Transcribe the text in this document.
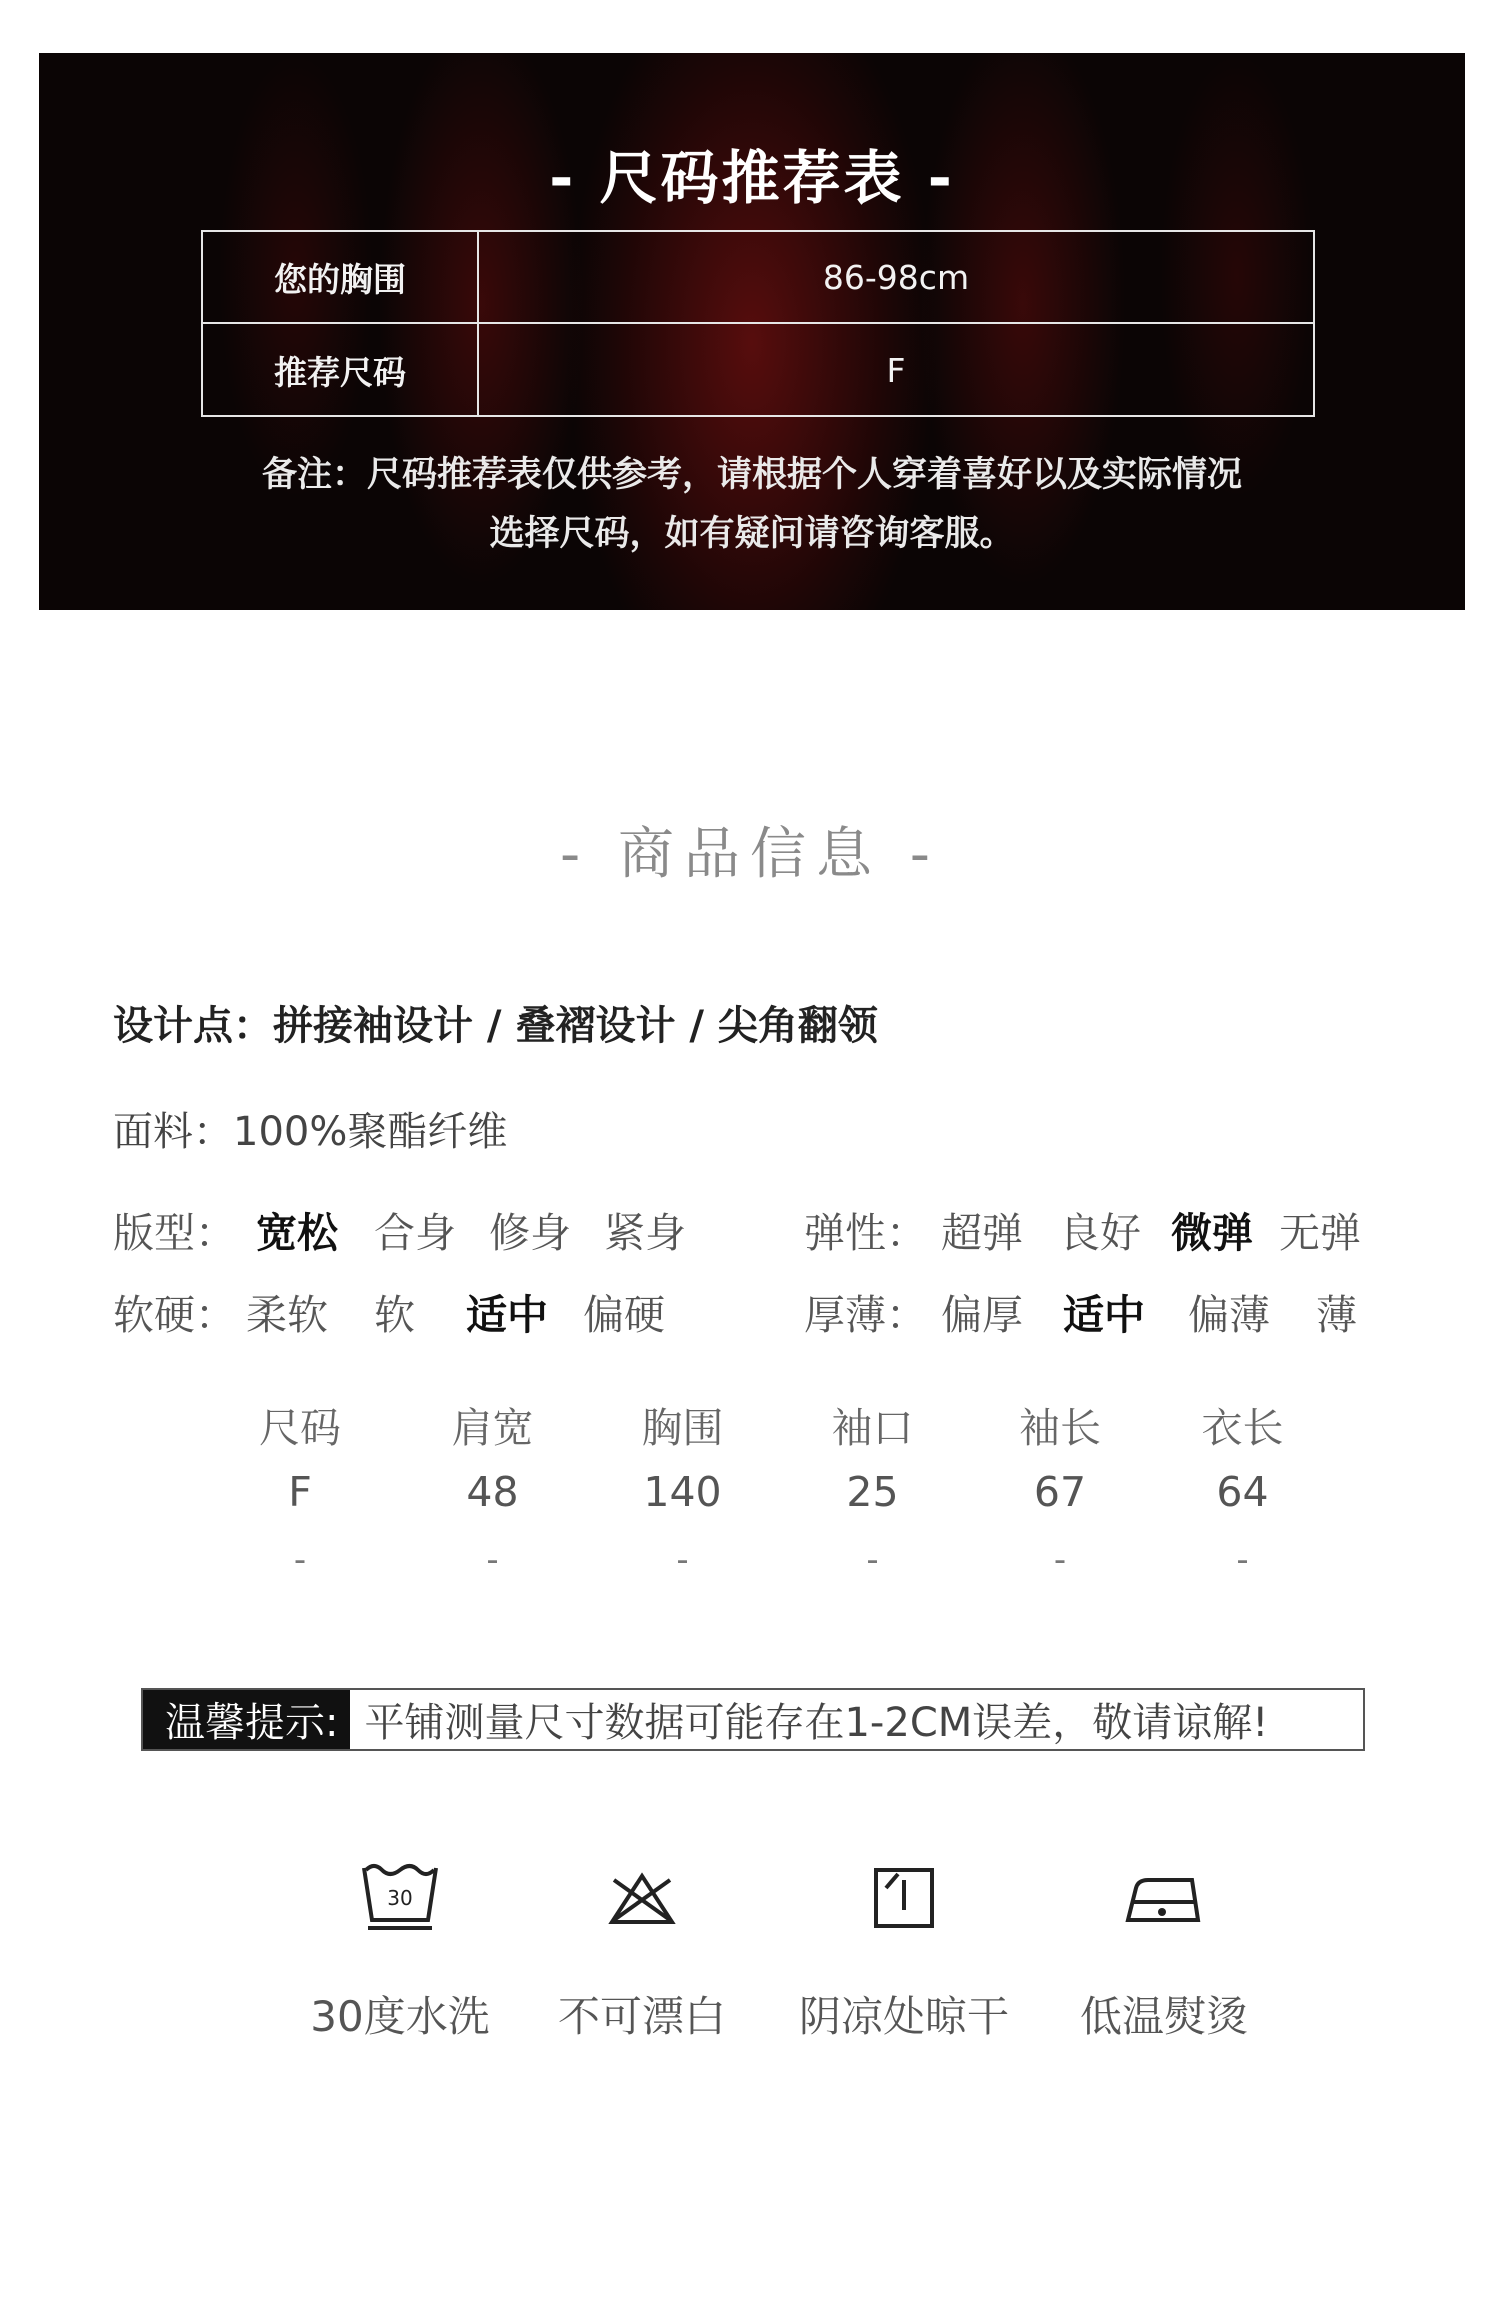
- 尺码推荐表 -
您的胸围	86-98cm
推荐尺码	F
备注：尺码推荐表仅供参考，请根据个人穿着喜好以及实际情况
选择尺码，如有疑问请咨询客服。
- 商品信息 -
设计点：拼接袖设计 / 叠褶设计 / 尖角翻领
面料：100%聚酯纤维
版型： 宽松 合身 修身 紧身	弹性： 超弹 良好 微弹 无弹
软硬： 柔软	软	适中 偏硬	厚薄： 偏厚 适中	偏薄	薄
尺码	肩宽	胸围	袖口	袖长	衣长
F	48	140	25	67	64
-	-	-	-	-	-
温馨提示: 平铺测量尺寸数据可能存在1-2CM误差，敬请谅解!
30
30度水洗	不可漂白	阴凉处晾干	低温熨烫
